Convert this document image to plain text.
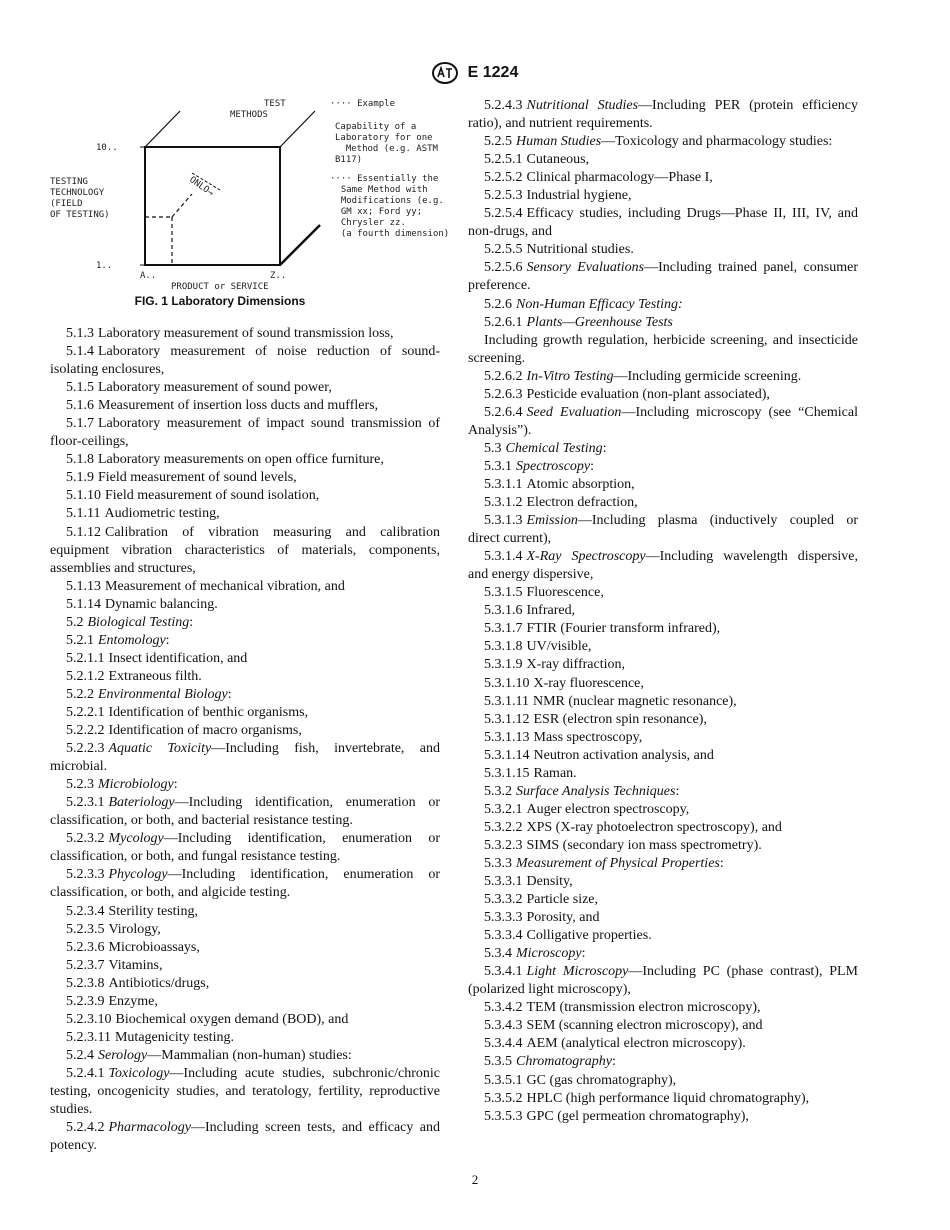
E 1224
TEST
METHODS
10..
1..
TESTING
TECHNOLOGY
(FIELD
OF TESTING)
ONLO→
A..	Z..
PRODUCT or SERVICE
···· Example
Capability of a
Laboratory for one
Method (e.g. ASTM
B117)
···· Essentially the
Same Method with
Modifications (e.g.
GM xx; Ford yy;
Chrysler zz.
(a fourth dimension)
FIG. 1 Laboratory Dimensions

5.1.3 Laboratory measurement of sound transmission loss,

5.1.4 Laboratory measurement of noise reduction of sound-isolating enclosures,

5.1.5 Laboratory measurement of sound power,

5.1.6 Measurement of insertion loss ducts and mufflers,

5.1.7 Laboratory measurement of impact sound transmission of floor-ceilings,

5.1.8 Laboratory measurements on open office furniture,

5.1.9 Field measurement of sound levels,

5.1.10 Field measurement of sound isolation,

5.1.11 Audiometric testing,

5.1.12 Calibration of vibration measuring and calibration equipment vibration characteristics of materials, components, assemblies and structures,

5.1.13 Measurement of mechanical vibration, and

5.1.14 Dynamic balancing.

5.2 Biological Testing:

5.2.1 Entomology:

5.2.1.1 Insect identification, and

5.2.1.2 Extraneous filth.

5.2.2 Environmental Biology:

5.2.2.1 Identification of benthic organisms,

5.2.2.2 Identification of macro organisms,

5.2.2.3 Aquatic Toxicity—Including fish, invertebrate, and microbial.

5.2.3 Microbiology:

5.2.3.1 Bateriology—Including identification, enumeration or classification, or both, and bacterial resistance testing.

5.2.3.2 Mycology—Including identification, enumeration or classification, or both, and fungal resistance testing.

5.2.3.3 Phycology—Including identification, enumeration or classification, or both, and algicide testing.

5.2.3.4 Sterility testing,

5.2.3.5 Virology,

5.2.3.6 Microbioassays,

5.2.3.7 Vitamins,

5.2.3.8 Antibiotics/drugs,

5.2.3.9 Enzyme,

5.2.3.10 Biochemical oxygen demand (BOD), and

5.2.3.11 Mutagenicity testing.

5.2.4 Serology—Mammalian (non-human) studies:

5.2.4.1 Toxicology—Including acute studies, subchronic/chronic testing, oncogenicity studies, and teratology, fertility, reproductive studies.

5.2.4.2 Pharmacology—Including screen tests, and efficacy and potency.

5.2.4.3 Nutritional Studies—Including PER (protein efficiency ratio), and nutrient requirements.

5.2.5 Human Studies—Toxicology and pharmacology studies:

5.2.5.1 Cutaneous,

5.2.5.2 Clinical pharmacology—Phase I,

5.2.5.3 Industrial hygiene,

5.2.5.4 Efficacy studies, including Drugs—Phase II, III, IV, and non-drugs, and

5.2.5.5 Nutritional studies.

5.2.5.6 Sensory Evaluations—Including trained panel, consumer preference.

5.2.6 Non-Human Efficacy Testing:

5.2.6.1 Plants—Greenhouse Tests

Including growth regulation, herbicide screening, and insecticide screening.

5.2.6.2 In-Vitro Testing—Including germicide screening.

5.2.6.3 Pesticide evaluation (non-plant associated),

5.2.6.4 Seed Evaluation—Including microscopy (see “Chemical Analysis”).

5.3 Chemical Testing:

5.3.1 Spectroscopy:

5.3.1.1 Atomic absorption,

5.3.1.2 Electron defraction,

5.3.1.3 Emission—Including plasma (inductively coupled or direct current),

5.3.1.4 X-Ray Spectroscopy—Including wavelength dispersive, and energy dispersive,

5.3.1.5 Fluorescence,

5.3.1.6 Infrared,

5.3.1.7 FTIR (Fourier transform infrared),

5.3.1.8 UV/visible,

5.3.1.9 X-ray diffraction,

5.3.1.10 X-ray fluorescence,

5.3.1.11 NMR (nuclear magnetic resonance),

5.3.1.12 ESR (electron spin resonance),

5.3.1.13 Mass spectroscopy,

5.3.1.14 Neutron activation analysis, and

5.3.1.15 Raman.

5.3.2 Surface Analysis Techniques:

5.3.2.1 Auger electron spectroscopy,

5.3.2.2 XPS (X-ray photoelectron spectroscopy), and

5.3.2.3 SIMS (secondary ion mass spectrometry).

5.3.3 Measurement of Physical Properties:

5.3.3.1 Density,

5.3.3.2 Particle size,

5.3.3.3 Porosity, and

5.3.3.4 Colligative properties.

5.3.4 Microscopy:

5.3.4.1 Light Microscopy—Including PC (phase contrast), PLM (polarized light microscopy),

5.3.4.2 TEM (transmission electron microscopy),

5.3.4.3 SEM (scanning electron microscopy), and

5.3.4.4 AEM (analytical electron microscopy).

5.3.5 Chromatography:

5.3.5.1 GC (gas chromatography),

5.3.5.2 HPLC (high performance liquid chromatography),

5.3.5.3 GPC (gel permeation chromatography),

2
